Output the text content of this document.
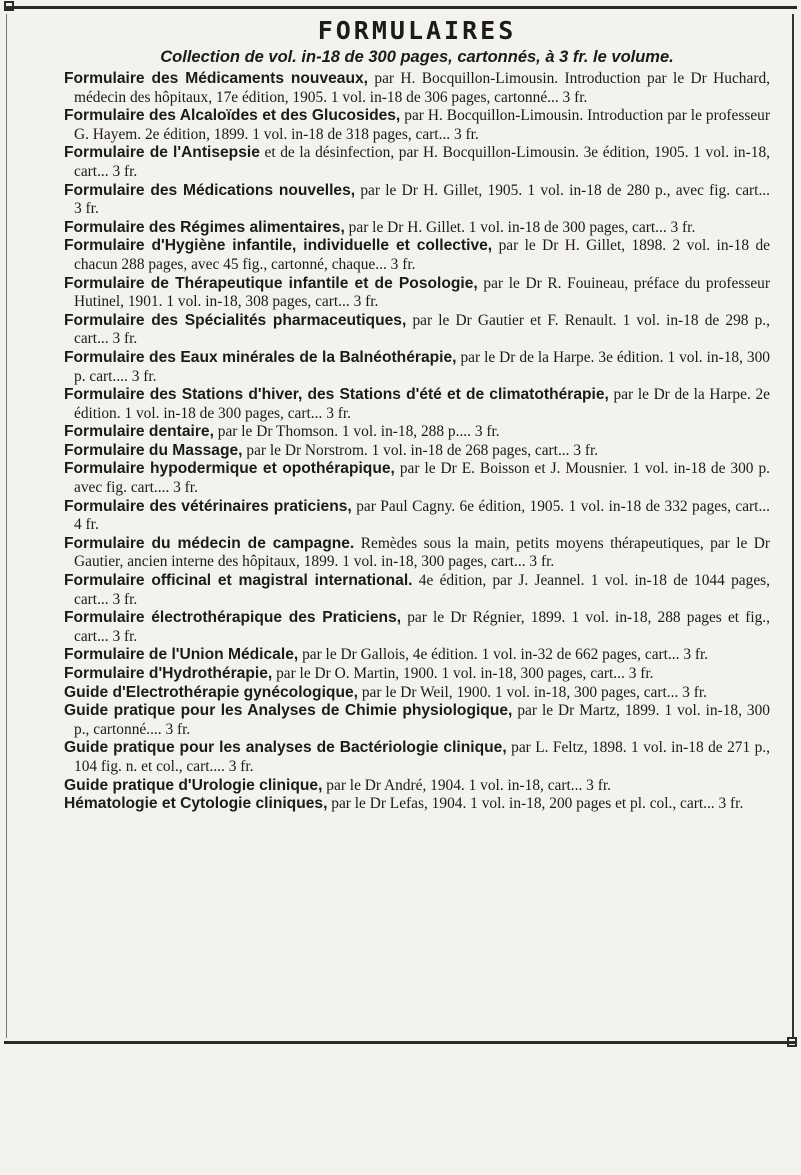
FORMULAIRES

Collection de vol. in-18 de 300 pages, cartonnés, à 3 fr. le volume.

Formulaire des Médicaments nouveaux, par H. Bocquillon-Limousin. Introduction par le Dr Huchard, médecin des hôpitaux, 17e édition, 1905. 1 vol. in-18 de 306 pages, cartonné... 3 fr.

Formulaire des Alcaloïdes et des Glucosides, par H. Bocquillon-Limousin. Introduction par le professeur G. Hayem. 2e édition, 1899. 1 vol. in-18 de 318 pages, cart... 3 fr.

Formulaire de l'Antisepsie et de la désinfection, par H. Bocquillon-Limousin. 3e édition, 1905. 1 vol. in-18, cart... 3 fr.

Formulaire des Médications nouvelles, par le Dr H. Gillet, 1905. 1 vol. in-18 de 280 p., avec fig. cart... 3 fr.

Formulaire des Régimes alimentaires, par le Dr H. Gillet. 1 vol. in-18 de 300 pages, cart... 3 fr.

Formulaire d'Hygiène infantile, individuelle et collective, par le Dr H. Gillet, 1898. 2 vol. in-18 de chacun 288 pages, avec 45 fig., cartonné, chaque... 3 fr.

Formulaire de Thérapeutique infantile et de Posologie, par le Dr R. Fouineau, préface du professeur Hutinel, 1901. 1 vol. in-18, 308 pages, cart... 3 fr.

Formulaire des Spécialités pharmaceutiques, par le Dr Gautier et F. Renault. 1 vol. in-18 de 298 p., cart... 3 fr.

Formulaire des Eaux minérales de la Balnéothérapie, par le Dr de la Harpe. 3e édition. 1 vol. in-18, 300 p. cart.... 3 fr.

Formulaire des Stations d'hiver, des Stations d'été et de climatothérapie, par le Dr de la Harpe. 2e édition. 1 vol. in-18 de 300 pages, cart... 3 fr.

Formulaire dentaire, par le Dr Thomson. 1 vol. in-18, 288 p.... 3 fr.

Formulaire du Massage, par le Dr Norstrom. 1 vol. in-18 de 268 pages, cart... 3 fr.

Formulaire hypodermique et opothérapique, par le Dr E. Boisson et J. Mousnier. 1 vol. in-18 de 300 p. avec fig. cart.... 3 fr.

Formulaire des vétérinaires praticiens, par Paul Cagny. 6e édition, 1905. 1 vol. in-18 de 332 pages, cart... 4 fr.

Formulaire du médecin de campagne. Remèdes sous la main, petits moyens thérapeutiques, par le Dr Gautier, ancien interne des hôpitaux, 1899. 1 vol. in-18, 300 pages, cart... 3 fr.

Formulaire officinal et magistral international. 4e édition, par J. Jeannel. 1 vol. in-18 de 1044 pages, cart... 3 fr.

Formulaire électrothérapique des Praticiens, par le Dr Régnier, 1899. 1 vol. in-18, 288 pages et fig., cart... 3 fr.

Formulaire de l'Union Médicale, par le Dr Gallois, 4e édition. 1 vol. in-32 de 662 pages, cart... 3 fr.

Formulaire d'Hydrothérapie, par le Dr O. Martin, 1900. 1 vol. in-18, 300 pages, cart... 3 fr.

Guide d'Electrothérapie gynécologique, par le Dr Weil, 1900. 1 vol. in-18, 300 pages, cart... 3 fr.

Guide pratique pour les Analyses de Chimie physiologique, par le Dr Martz, 1899. 1 vol. in-18, 300 p., cartonné.... 3 fr.

Guide pratique pour les analyses de Bactériologie clinique, par L. Feltz, 1898. 1 vol. in-18 de 271 p., 104 fig. n. et col., cart.... 3 fr.

Guide pratique d'Urologie clinique, par le Dr André, 1904. 1 vol. in-18, cart... 3 fr.

Hématologie et Cytologie cliniques, par le Dr Lefas, 1904. 1 vol. in-18, 200 pages et pl. col., cart... 3 fr.
